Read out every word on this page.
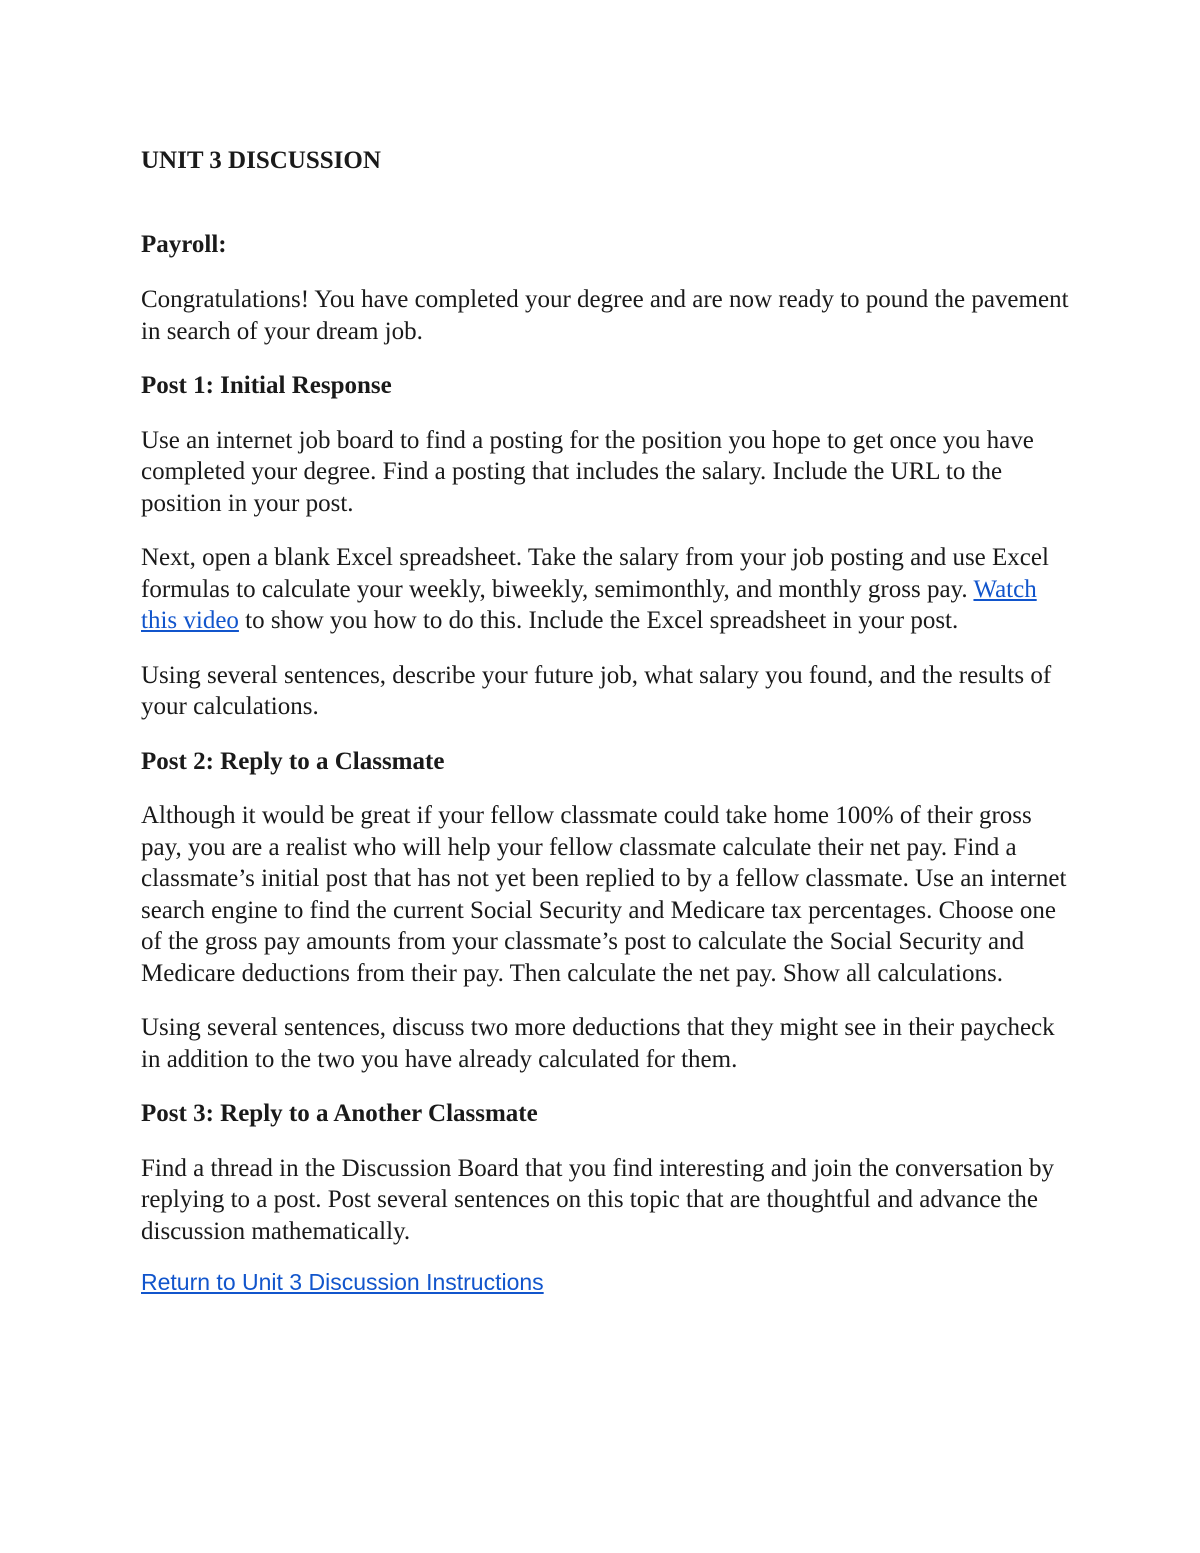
UNIT 3 DISCUSSION

Payroll:

Congratulations! You have completed your degree and are now ready to pound the pavement in search of your dream job.

Post 1: Initial Response

Use an internet job board to find a posting for the position you hope to get once you have completed your degree. Find a posting that includes the salary. Include the URL to the position in your post.

Next, open a blank Excel spreadsheet. Take the salary from your job posting and use Excel formulas to calculate your weekly, biweekly, semimonthly, and monthly gross pay. Watch this video to show you how to do this. Include the Excel spreadsheet in your post.

Using several sentences, describe your future job, what salary you found, and the results of your calculations.

Post 2: Reply to a Classmate

Although it would be great if your fellow classmate could take home 100% of their gross pay, you are a realist who will help your fellow classmate calculate their net pay. Find a classmate’s initial post that has not yet been replied to by a fellow classmate. Use an internet search engine to find the current Social Security and Medicare tax percentages. Choose one of the gross pay amounts from your classmate’s post to calculate the Social Security and Medicare deductions from their pay. Then calculate the net pay. Show all calculations.

Using several sentences, discuss two more deductions that they might see in their paycheck in addition to the two you have already calculated for them.

Post 3: Reply to a Another Classmate

Find a thread in the Discussion Board that you find interesting and join the conversation by replying to a post. Post several sentences on this topic that are thoughtful and advance the discussion mathematically.

Return to Unit 3 Discussion Instructions
